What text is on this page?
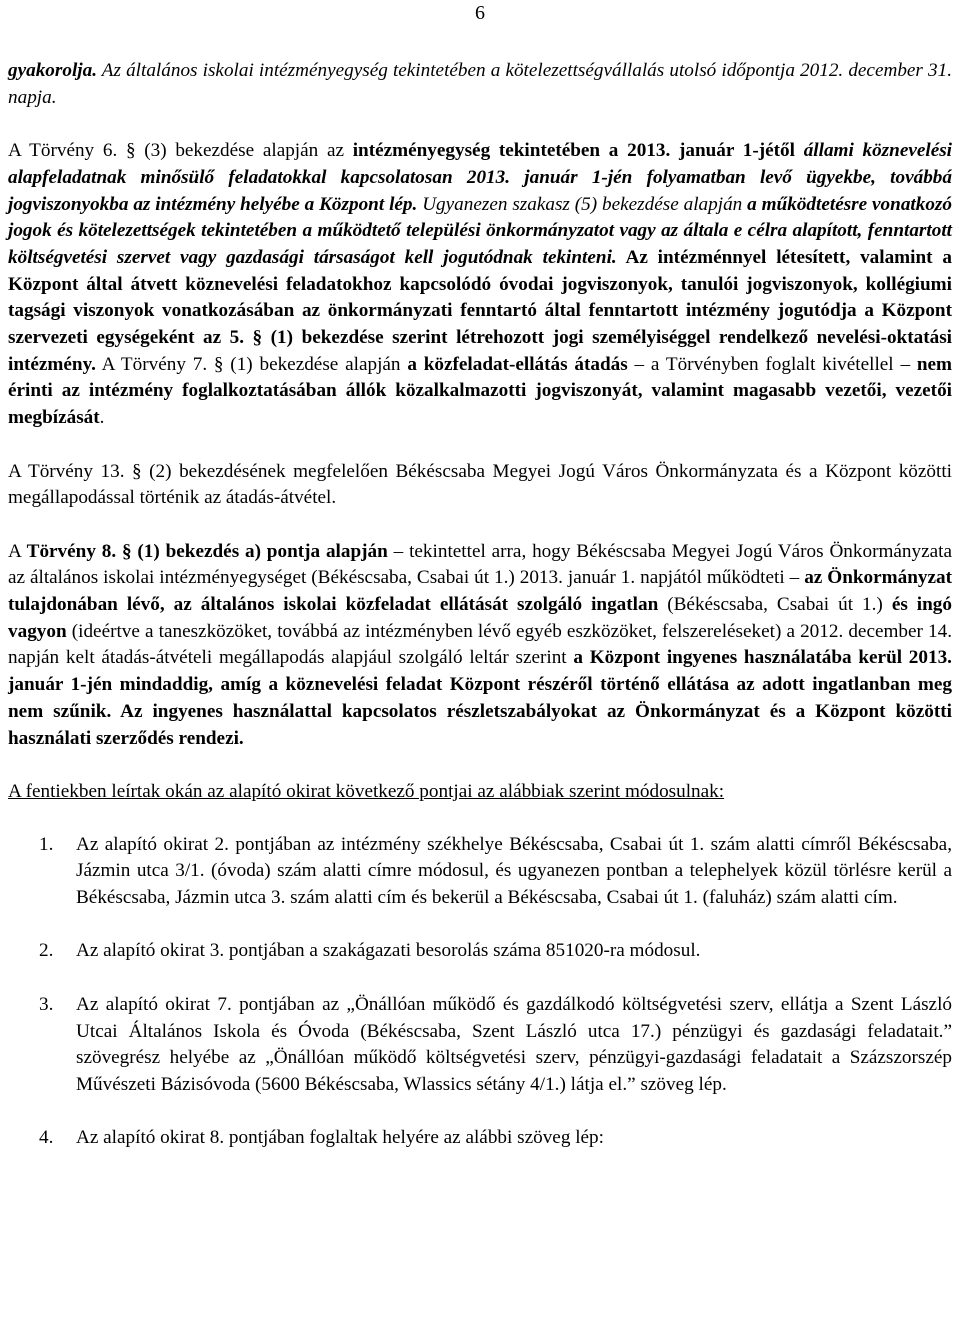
6

gyakorolja. Az általános iskolai intézményegység tekintetében a kötelezettségvállalás utolsó időpontja 2012. december 31. napja.

A Törvény 6. § (3) bekezdése alapján az intézményegység tekintetében a 2013. január 1-jétől állami köznevelési alapfeladatnak minősülő feladatokkal kapcsolatosan 2013. január 1-jén folyamatban levő ügyekbe, továbbá jogviszonyokba az intézmény helyébe a Központ lép. Ugyanezen szakasz (5) bekezdése alapján a működtetésre vonatkozó jogok és kötelezettségek tekintetében a működtető települési önkormányzatot vagy az általa e célra alapított, fenntartott költségvetési szervet vagy gazdasági társaságot kell jogutódnak tekinteni. Az intézménnyel létesített, valamint a Központ által átvett köznevelési feladatokhoz kapcsolódó óvodai jogviszonyok, tanulói jogviszonyok, kollégiumi tagsági viszonyok vonatkozásában az önkormányzati fenntartó által fenntartott intézmény jogutódja a Központ szervezeti egységeként az 5. § (1) bekezdése szerint létrehozott jogi személyiséggel rendelkező nevelési-oktatási intézmény. A Törvény 7. § (1) bekezdése alapján a közfeladat-ellátás átadás – a Törvényben foglalt kivétellel – nem érinti az intézmény foglalkoztatásában állók közalkalmazotti jogviszonyát, valamint magasabb vezetői, vezetői megbízását.

A Törvény 13. § (2) bekezdésének megfelelően Békéscsaba Megyei Jogú Város Önkormányzata és a Központ közötti megállapodással történik az átadás-átvétel.

A Törvény 8. § (1) bekezdés a) pontja alapján – tekintettel arra, hogy Békéscsaba Megyei Jogú Város Önkormányzata az általános iskolai intézményegységet (Békéscsaba, Csabai út 1.) 2013. január 1. napjától működteti – az Önkormányzat tulajdonában lévő, az általános iskolai közfeladat ellátását szolgáló ingatlan (Békéscsaba, Csabai út 1.) és ingó vagyon (ideértve a taneszközöket, továbbá az intézményben lévő egyéb eszközöket, felszereléseket) a 2012. december 14. napján kelt átadás-átvételi megállapodás alapjául szolgáló leltár szerint a Központ ingyenes használatába kerül 2013. január 1-jén mindaddig, amíg a köznevelési feladat Központ részéről történő ellátása az adott ingatlanban meg nem szűnik. Az ingyenes használattal kapcsolatos részletszabályokat az Önkormányzat és a Központ közötti használati szerződés rendezi.

A fentiekben leírtak okán az alapító okirat következő pontjai az alábbiak szerint módosulnak:

1.	Az alapító okirat 2. pontjában az intézmény székhelye Békéscsaba, Csabai út 1. szám alatti címről Békéscsaba, Jázmin utca 3/1. (óvoda) szám alatti címre módosul, és ugyanezen pontban a telephelyek közül törlésre kerül a Békéscsaba, Jázmin utca 3. szám alatti cím és bekerül a Békéscsaba, Csabai út 1. (faluház) szám alatti cím.
2.	Az alapító okirat 3. pontjában a szakágazati besorolás száma 851020-ra módosul.
3.	Az alapító okirat 7. pontjában az „Önállóan működő és gazdálkodó költségvetési szerv, ellátja a Szent László Utcai Általános Iskola és Óvoda (Békéscsaba, Szent László utca 17.) pénzügyi és gazdasági feladatait.” szövegrész helyébe az „Önállóan működő költségvetési szerv, pénzügyi-gazdasági feladatait a Százszorszép Művészeti Bázisóvoda (5600 Békéscsaba, Wlassics sétány 4/1.) látja el.” szöveg lép.
4.	Az alapító okirat 8. pontjában foglaltak helyére az alábbi szöveg lép:
